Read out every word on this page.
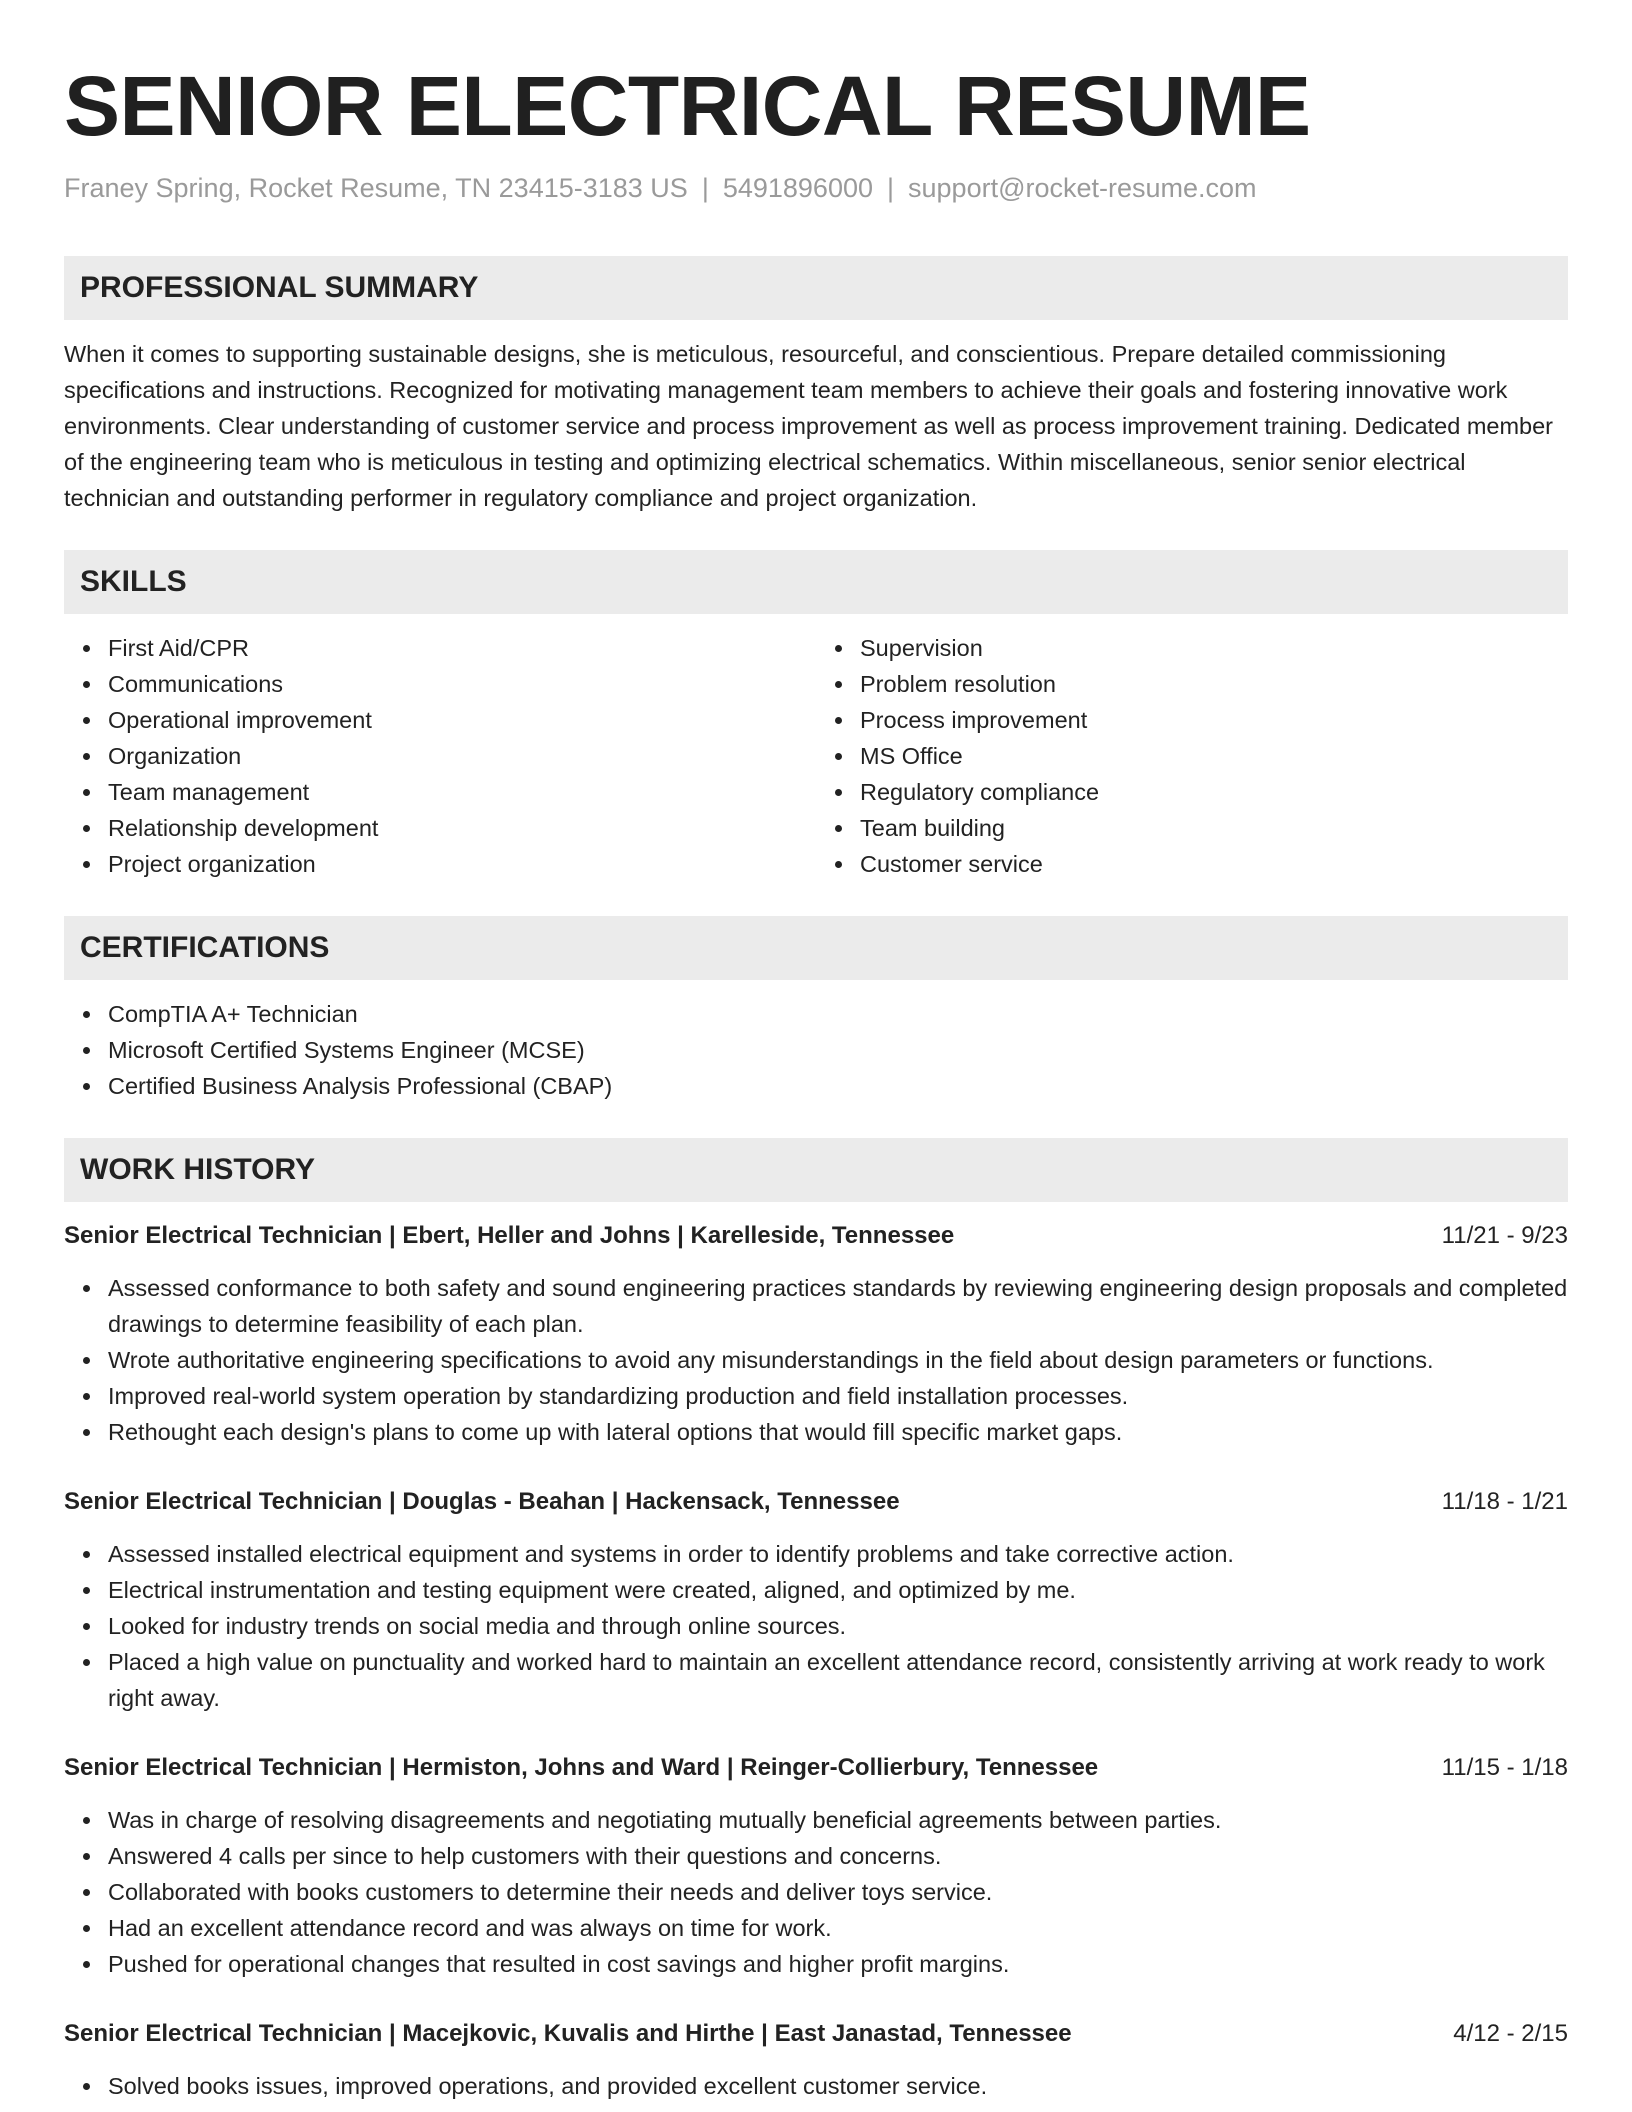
SENIOR ELECTRICAL RESUME
Franey Spring, Rocket Resume, TN 23415-3183 US | 5491896000 | support@rocket-resume.com
PROFESSIONAL SUMMARY
When it comes to supporting sustainable designs, she is meticulous, resourceful, and conscientious. Prepare detailed commissioning specifications and instructions. Recognized for motivating management team members to achieve their goals and fostering innovative work environments. Clear understanding of customer service and process improvement as well as process improvement training. Dedicated member of the engineering team who is meticulous in testing and optimizing electrical schematics. Within miscellaneous, senior senior electrical technician and outstanding performer in regulatory compliance and project organization.
SKILLS
First Aid/CPR
Communications
Operational improvement
Organization
Team management
Relationship development
Project organization
Supervision
Problem resolution
Process improvement
MS Office
Regulatory compliance
Team building
Customer service
CERTIFICATIONS
CompTIA A+ Technician
Microsoft Certified Systems Engineer (MCSE)
Certified Business Analysis Professional (CBAP)
WORK HISTORY
Senior Electrical Technician | Ebert, Heller and Johns | Karelleside, Tennessee	11/21 - 9/23
Assessed conformance to both safety and sound engineering practices standards by reviewing engineering design proposals and completed drawings to determine feasibility of each plan.
Wrote authoritative engineering specifications to avoid any misunderstandings in the field about design parameters or functions.
Improved real-world system operation by standardizing production and field installation processes.
Rethought each design's plans to come up with lateral options that would fill specific market gaps.
Senior Electrical Technician | Douglas - Beahan | Hackensack, Tennessee	11/18 - 1/21
Assessed installed electrical equipment and systems in order to identify problems and take corrective action.
Electrical instrumentation and testing equipment were created, aligned, and optimized by me.
Looked for industry trends on social media and through online sources.
Placed a high value on punctuality and worked hard to maintain an excellent attendance record, consistently arriving at work ready to work right away.
Senior Electrical Technician | Hermiston, Johns and Ward | Reinger-Collierbury, Tennessee	11/15 - 1/18
Was in charge of resolving disagreements and negotiating mutually beneficial agreements between parties.
Answered 4 calls per since to help customers with their questions and concerns.
Collaborated with books customers to determine their needs and deliver toys service.
Had an excellent attendance record and was always on time for work.
Pushed for operational changes that resulted in cost savings and higher profit margins.
Senior Electrical Technician | Macejkovic, Kuvalis and Hirthe | East Janastad, Tennessee	4/12 - 2/15
Solved books issues, improved operations, and provided excellent customer service.
